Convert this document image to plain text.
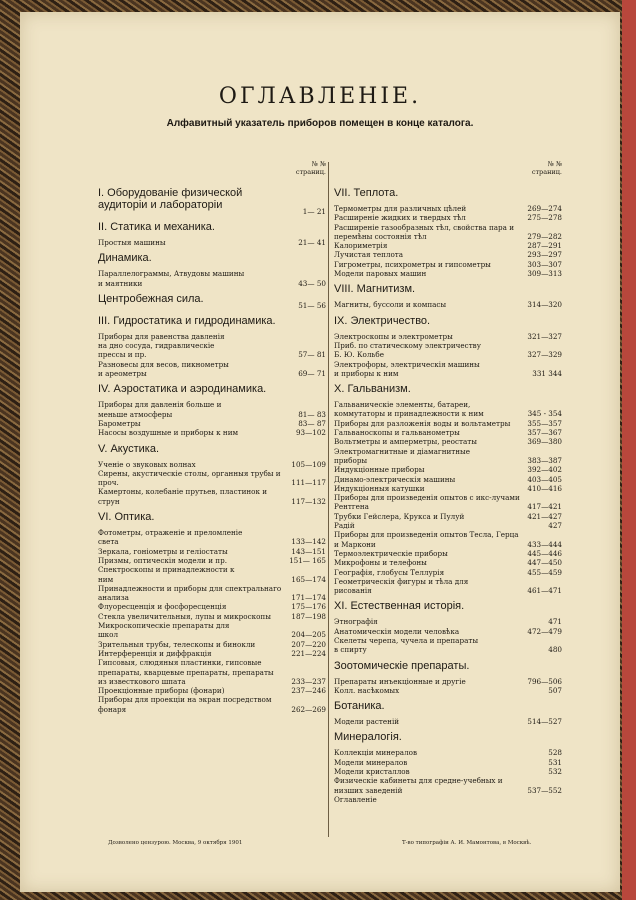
ОГЛАВЛЕНIЕ.
Алфавитный указатель приборов помещен в конце каталога.
№ №
страниц.
I. Оборудованiе физической аудиторiи и лабораторiи
1— 21
II. Статика и механика.
Простыя машины	21— 41
Динамика.
Параллелограммы, Атвудовы машины
и маятники	43— 50
Центробежная сила.
51— 56
III. Гидростатика и гидродинамика.
Приборы для равенства давленiя
на дно сосуда, гидравлическiе
прессы и пр.	57— 81
Разновесы для весов, пикнометры
и ареометры	69— 71
IV. Аэростатика и аэродинамика.
Приборы для давленiя больше и
меньше атмосферы	81— 83
Барометры	83— 87
Насосы воздушные и приборы к ним	93—102
V. Акустика.
Ученiе о звуковых волнах	105—109
Сирены, акустическiе столы, органныя трубы и проч.	111—117
Камертоны, колебанiе прутьев, пластинок и струн	117—132
VI. Оптика.
Фотометры, отраженiе и преломленiе
света	133—142
Зеркала, гонiометры и гелiостаты	143—151
Призмы, оптическiя модели и пр.	151— 165
Спектроскопы и принадлежности к
ним	165—174
Принадлежности и приборы для спектральнаго анализа	171—174
Флуоресценцiя и фосфоресценцiя	175—176
Стекла увеличительныя, лупы и микроскопы	187—198
Микроскопическiе препараты для
школ	204—205
Зрительныя трубы, телескопы и бинокли	207—220
Интерференцiя и диффракцiя	221—224
Гипсовыя, слюдяныя пластинки, гипсовые препараты, кварцевые препараты, препараты из известкового шпата	233—237
Проекцiонные приборы (фонари)	237—246
Приборы для проекцiи на экран посредством фонаря	262—269
№ №
страниц.
VII. Теплота.
Термометры для различных цѣлей	269—274
Расширенiе жидких и твердых тѣл	275—278
Расширенiе газообразных тѣл, свойства пара и перемѣны состоянiя тѣл	279—282
Калориметрiя	287—291
Лучистая теплота	293—297
Гигрометры, психрометры и гипсометры	303—307
Модели паровых машин	309—313
VIII. Магнитизм.
Магниты, буссоли и компасы	314—320
IX. Электричество.
Электроскопы и электрометры	321—327
Приб. по статическому электричеству
Б. Ю. Кольбе	327—329
Электрофоры, электрическiя машины
и приборы к ним	331 344
X. Гальванизм.
Гальваническiе элементы, батареи, коммутаторы и принадлежности к ним	345 - 354
Приборы для разложенiя воды и вольтаметры	355—357
Гальваноскопы и гальванометры	357—367
Вольтметры и амперметры, реостаты	369—380
Электромагнитные и дiамагнитные
приборы	383—387
Индукцiонные приборы	392—402
Динамо-электрическiя машины	403—405
Индукцiонныя катушки	410—416
Приборы для произведенiя опытов с икс-лучами Рентгена	417—421
Трубки Гейслера, Крукса и Пулуй	421—427
Радiй	427
Приборы для произведенiя опытов Тесла, Герца и Маркони	433—444
Термоэлектрическiе приборы	445—446
Микрофоны и телефоны	447—450
Географiя, глобусы Теллурiя	455—459
Геометрическiя фигуры и тѣла для
рисованiя	461—471
XI. Естественная исторiя.
Этнографiя	471
Анатомическiя модели человѣка	472—479
Скелеты черепа, чучела и препараты
в спирту	480
Зоотомическiе препараты.
Препараты инъекцiонные и другiе	796—506
Колл. насѣкомых	507
Ботаника.
Модели растенiй	514—527
Минералогiя.
Коллекцiи минералов	528
Модели минералов	531
Модели кристаллов	532
Физическiе кабинеты для средне-учебных и низших заведенiй	537—552
Оглавленiе
Дозволено цензурою. Москва, 9 октября 1901	Т-во типографiи А. И. Мамонтова, в Москвѣ.
